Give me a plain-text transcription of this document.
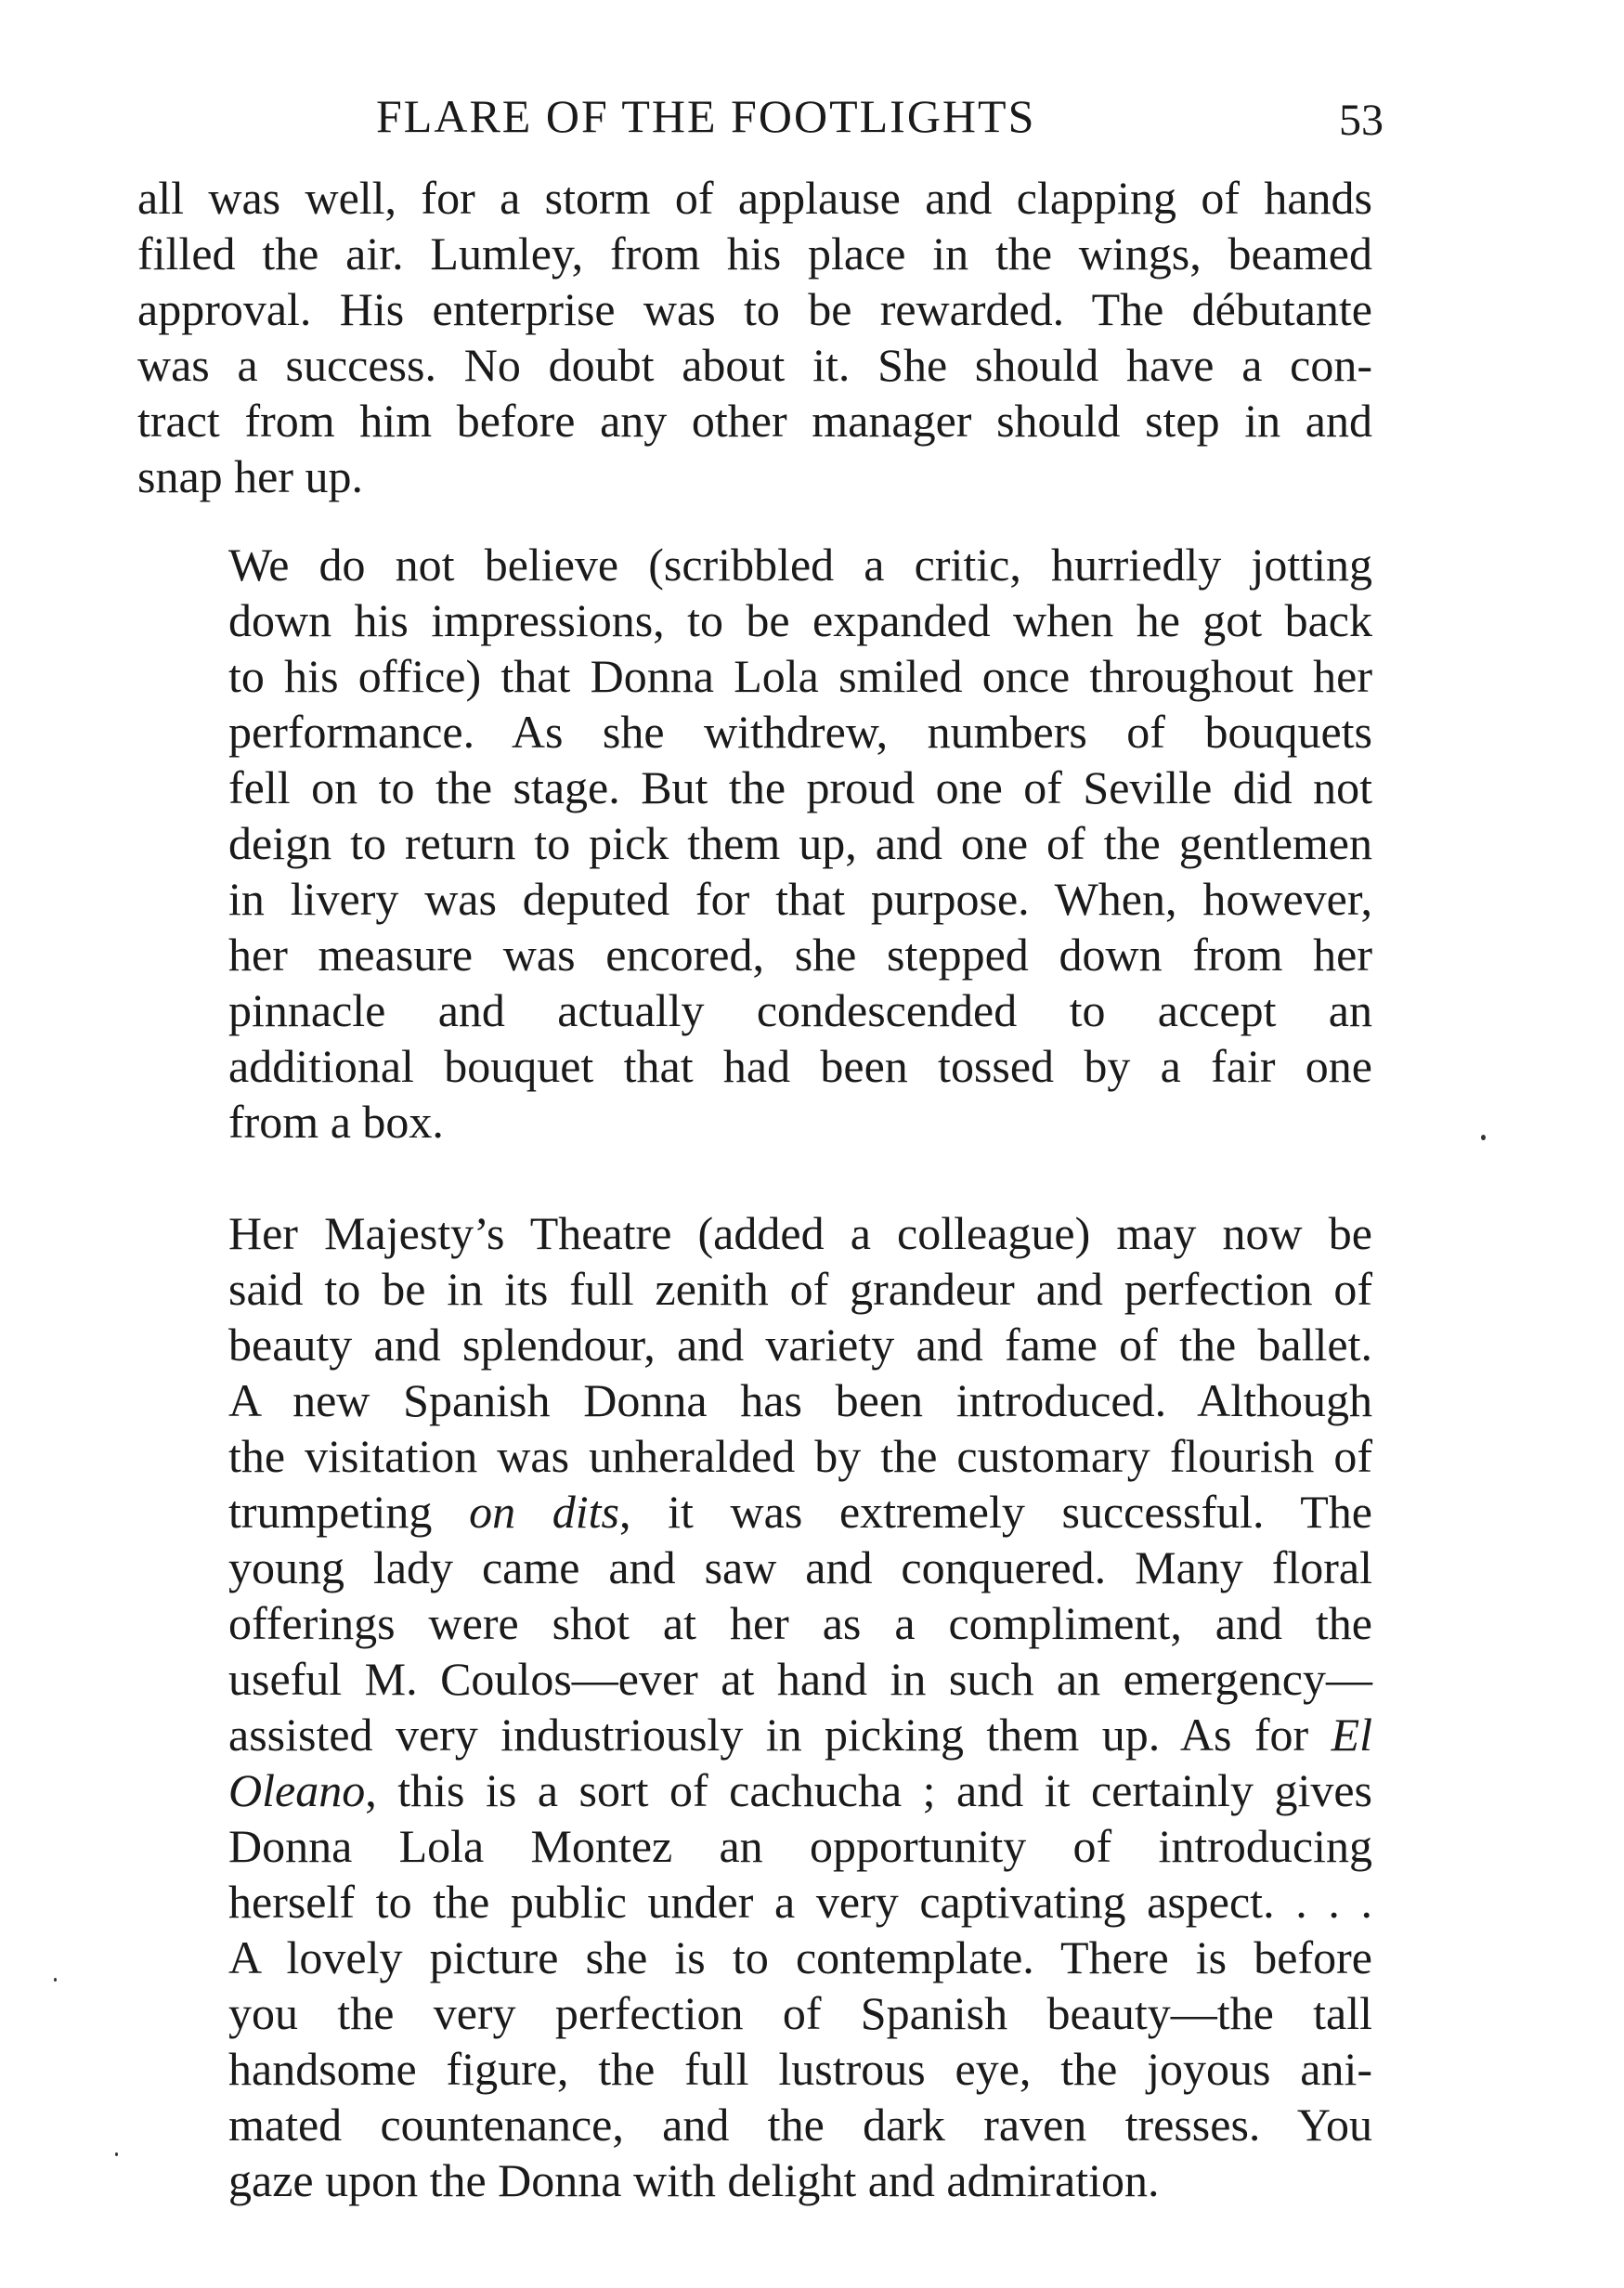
FLARE OF THE FOOTLIGHTS	53
all was well, for a storm of applause and clapping of hands
filled the air. Lumley, from his place in the wings, beamed
approval. His enterprise was to be rewarded. The débutante
was a success. No doubt about it. She should have a con-
tract from him before any other manager should step in and
snap her up.
We do not believe (scribbled a critic, hurriedly jotting
down his impressions, to be expanded when he got back
to his office) that Donna Lola smiled once throughout her
performance. As she withdrew, numbers of bouquets
fell on to the stage. But the proud one of Seville did not
deign to return to pick them up, and one of the gentlemen
in livery was deputed for that purpose. When, however,
her measure was encored, she stepped down from her
pinnacle and actually condescended to accept an
additional bouquet that had been tossed by a fair one
from a box.
Her Majesty’s Theatre (added a colleague) may now be
said to be in its full zenith of grandeur and perfection of
beauty and splendour, and variety and fame of the ballet.
A new Spanish Donna has been introduced. Although
the visitation was unheralded by the customary flourish of
trumpeting on dits, it was extremely successful. The
young lady came and saw and conquered. Many floral
offerings were shot at her as a compliment, and the
useful M. Coulos—ever at hand in such an emergency—
assisted very industriously in picking them up. As for El
Oleano, this is a sort of cachucha ; and it certainly gives
Donna Lola Montez an opportunity of introducing
herself to the public under a very captivating aspect. . . .
A lovely picture she is to contemplate. There is before
you the very perfection of Spanish beauty—the tall
handsome figure, the full lustrous eye, the joyous ani-
mated countenance, and the dark raven tresses. You
gaze upon the Donna with delight and admiration.
